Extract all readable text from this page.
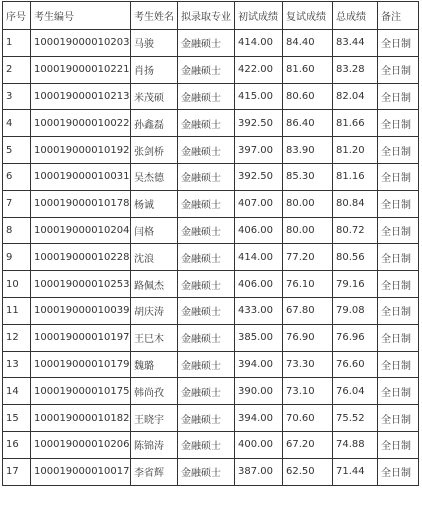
序号	考生编号	考生姓名	拟录取专业	初试成绩	复试成绩	总成绩	备注
1	100019000010203	马骏	金融硕士	414.00	84.40	83.44	全日制
2	100019000010221	肖扬	金融硕士	422.00	81.60	83.28	全日制
3	100019000010213	米茂硕	金融硕士	415.00	80.60	82.04	全日制
4	100019000010022	孙鑫磊	金融硕士	392.50	86.40	81.66	全日制
5	100019000010192	张剑桥	金融硕士	397.00	83.90	81.20	全日制
6	100019000010031	吴杰德	金融硕士	392.50	85.30	81.16	全日制
7	100019000010178	杨诚	金融硕士	407.00	80.00	80.84	全日制
8	100019000010204	闫格	金融硕士	406.00	80.00	80.72	全日制
9	100019000010228	沈浪	金融硕士	414.00	77.20	80.56	全日制
10	100019000010253	路佩杰	金融硕士	406.00	76.10	79.16	全日制
11	100019000010039	胡庆涛	金融硕士	433.00	67.80	79.08	全日制
12	100019000010197	王巳木	金融硕士	385.00	76.90	76.96	全日制
13	100019000010179	魏璐	金融硕士	394.00	73.30	76.60	全日制
14	100019000010175	韩尚孜	金融硕士	390.00	73.10	76.04	全日制
15	100019000010182	王晓宇	金融硕士	394.00	70.60	75.52	全日制
16	100019000010206	陈锦涛	金融硕士	400.00	67.20	74.88	全日制
17	100019000010017	李省辉	金融硕士	387.00	62.50	71.44	全日制
